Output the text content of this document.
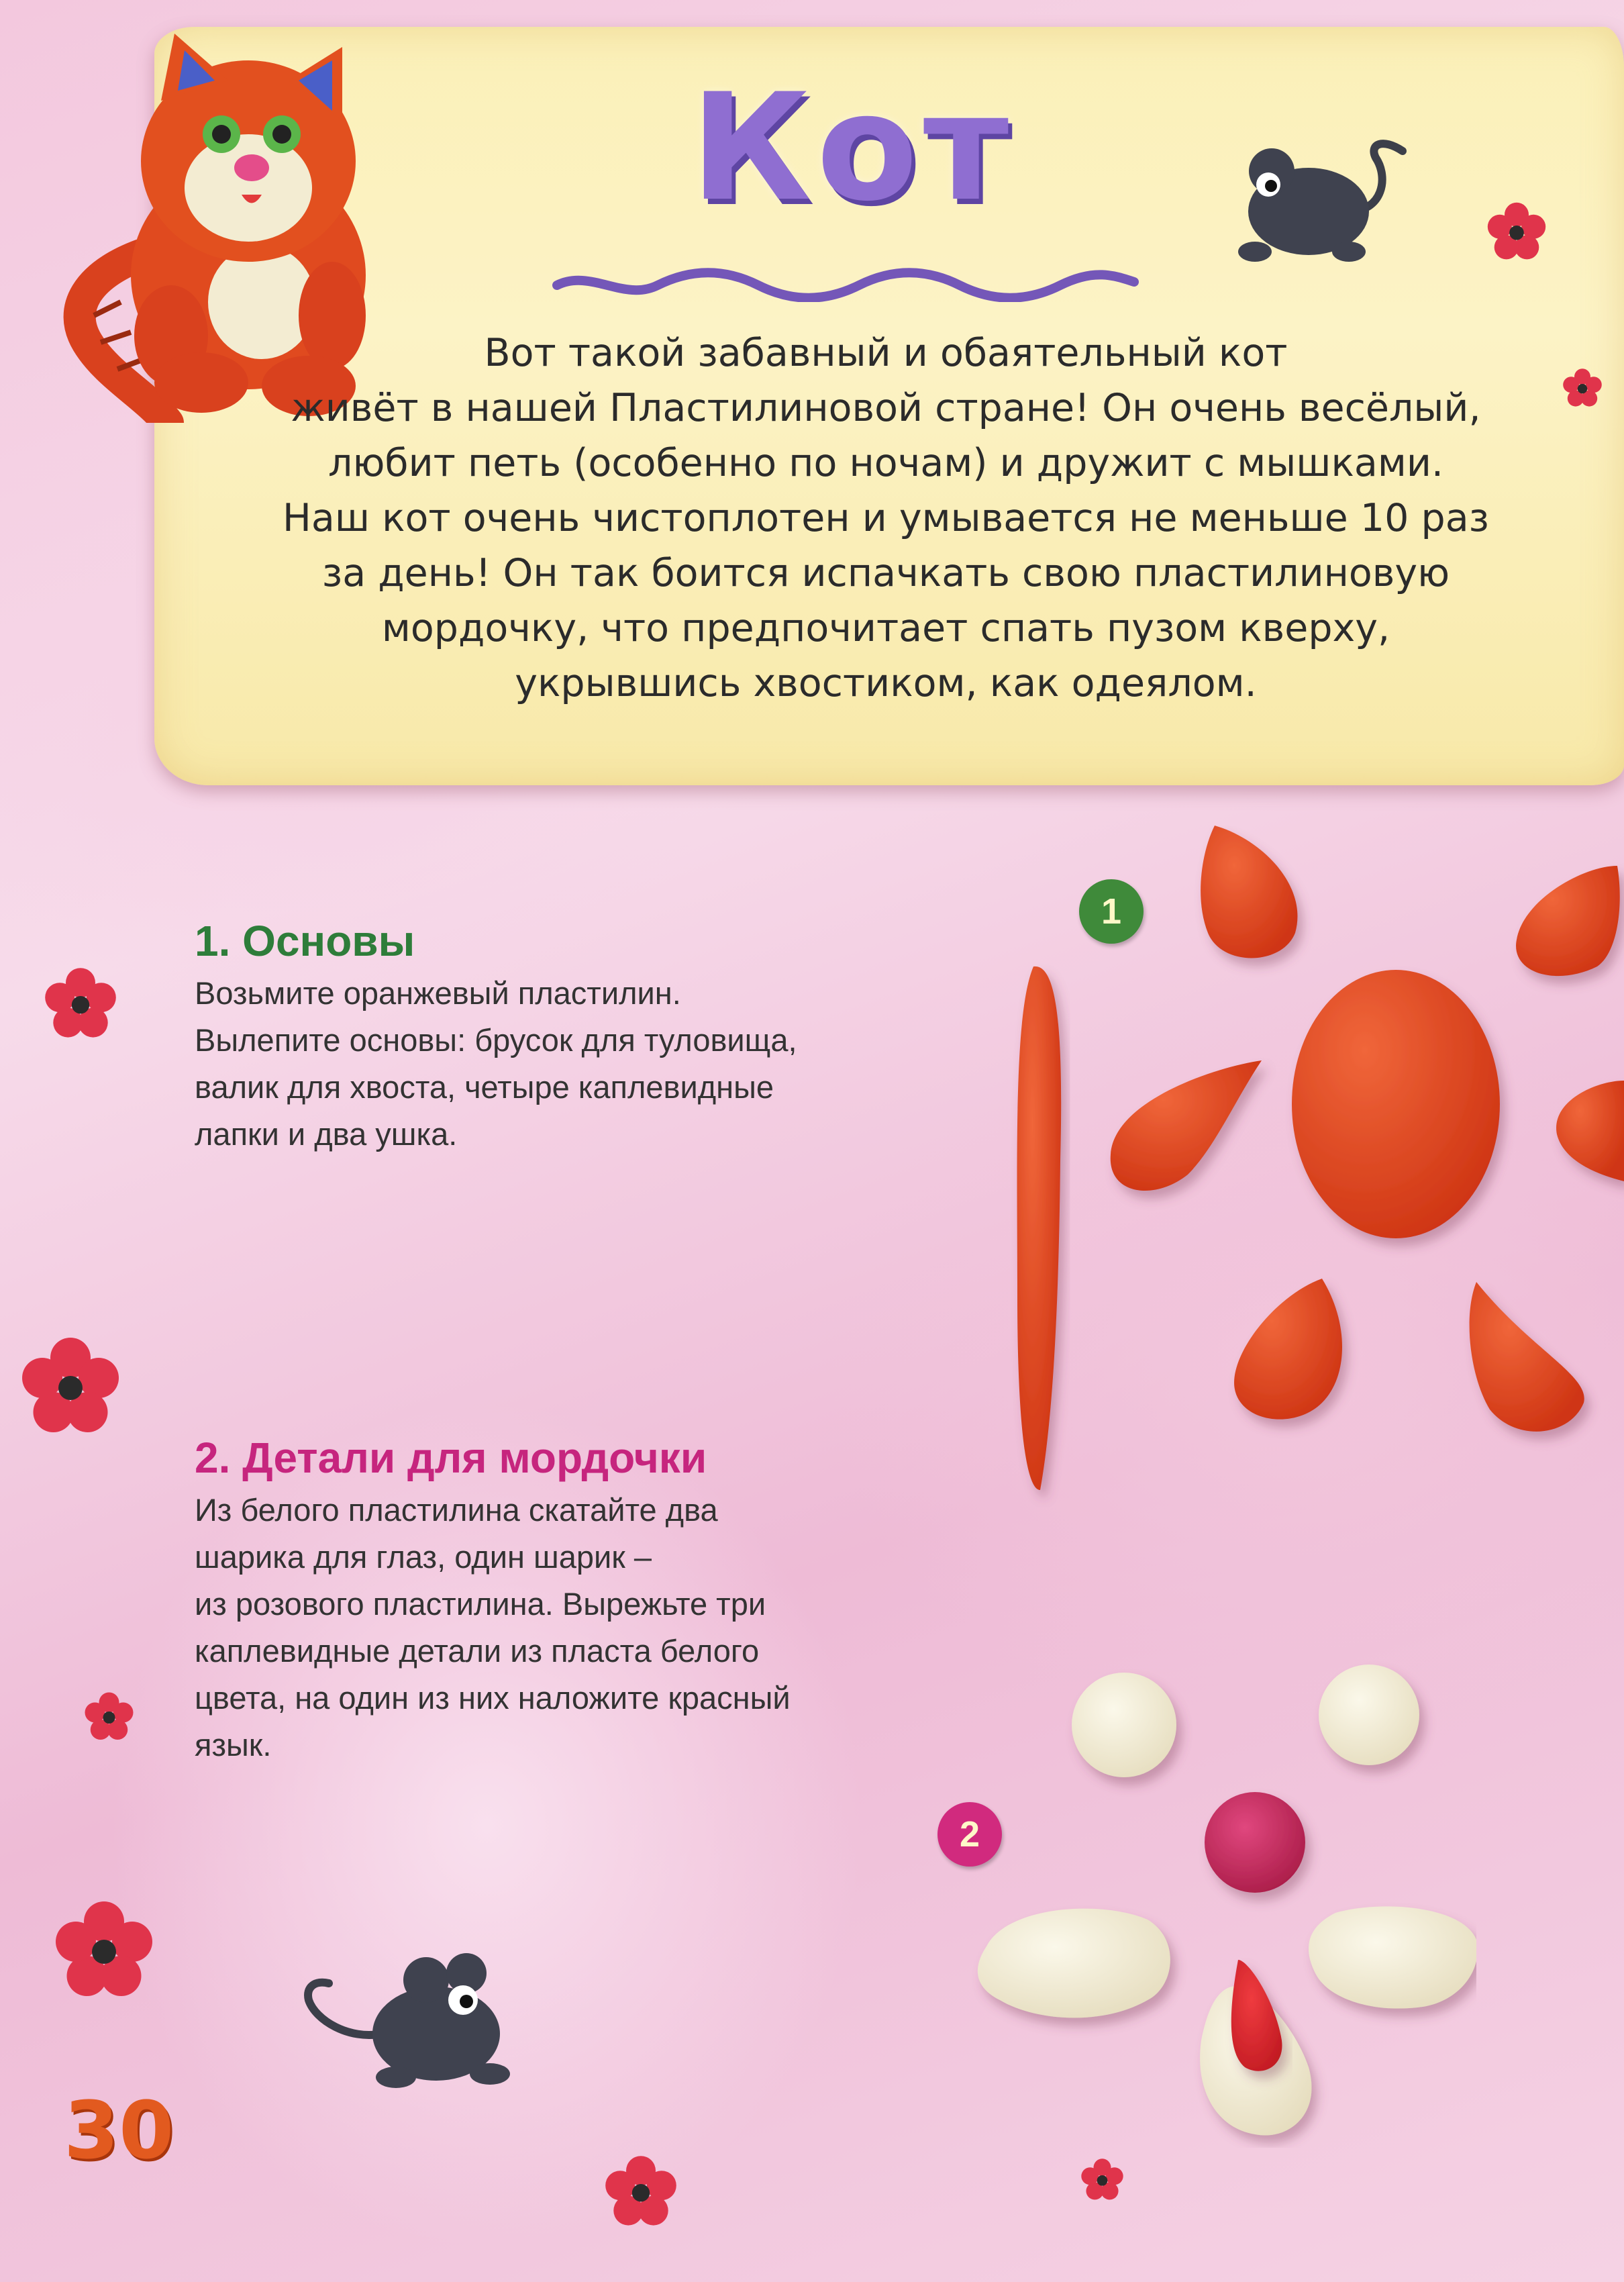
Кот
Вот такой забавный и обаятельный кот
живёт в нашей Пластилиновой стране! Он очень весёлый,
любит петь (особенно по ночам) и дружит с мышками.
Наш кот очень чистоплотен и умывается не меньше 10 раз
за день! Он так боится испачкать свою пластилиновую
мордочку, что предпочитает спать пузом кверху,
укрывшись хвостиком, как одеялом.
1. Основы
Возьмите оранжевый пластилин.
Вылепите основы: брусок для туловища,
валик для хвоста, четыре каплевидные
лапки и два ушка.
2. Детали для мордочки
Из белого пластилина скатайте два
шарика для глаз, один шарик –
из розового пластилина. Вырежьте три
каплевидные детали из пласта белого
цвета, на один из них наложите красный
язык.
1
2
30
